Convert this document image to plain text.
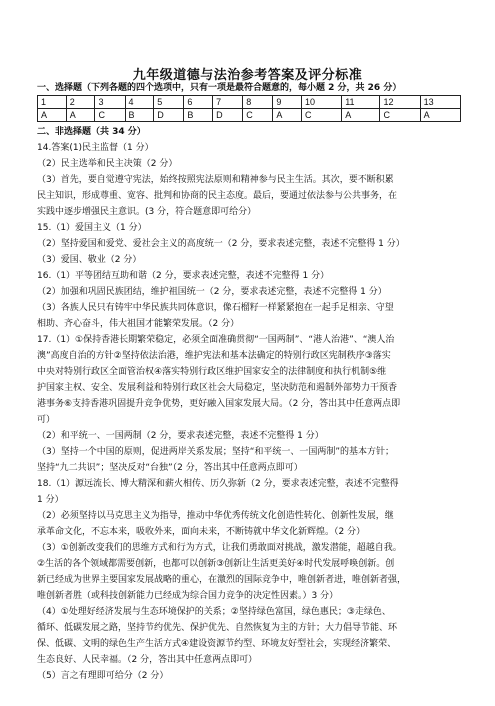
九年级道德与法治参考答案及评分标准
一、选择题（下列各题的四个选项中，只有一项是最符合题意的，每小题 2 分，共 26 分）
1	2	3	4	5	6	7	8	9	10	11	12	13
A	A	C	B	D	B	D	C	A	C	A	C	A
二、非选择题（共 34 分）
14.答案(1)民主监督（1 分）
（2）民主选举和民主决策（2 分）
（3）首先，要自觉遵守宪法，始终按照宪法原则和精神参与民主生活。其次，要不断积累
民主知识，形成尊重、宽容、批判和协商的民主态度。最后，要通过依法参与公共事务，在
实践中逐步增强民主意识。(3 分，符合题意即可给分）
15.（1）爱国主义（1 分）
（2）坚持爱国和爱党、爱社会主义的高度统一（2 分，要求表述完整，表述不完整得 1 分）
（3）爱国、敬业（2 分）
16.（1）平等团结互助和谐（2 分，要求表述完整，表述不完整得 1 分）
（2）加强和巩固民族团结，维护祖国统一（2 分，要求表述完整，表述不完整得 1 分）
（3）各族人民只有铸牢中华民族共同体意识，像石榴籽一样紧紧抱在一起手足相亲、守望
相助、齐心奋斗，伟大祖国才能繁荣发展。（2 分）
17.（1）①保持香港长期繁荣稳定，必须全面准确贯彻“一国两制”、“港人治港”、“澳人治
澳”高度自治的方针②坚持依法治港，维护宪法和基本法确定的特别行政区宪制秩序③落实
中央对特别行政区全面管治权④落实特别行政区维护国家安全的法律制度和执行机制⑤维
护国家主权、安全、发展利益和特别行政区社会大局稳定，坚决防范和遏制外部势力干预香
港事务⑥支持香港巩固提升竞争优势，更好融入国家发展大局。（2 分，答出其中任意两点即
可）
（2）和平统一、一国两制（2 分，要求表述完整，表述不完整得 1 分）
（3）坚持一个中国的原则，促进两岸关系发展；坚持“和平统一、一国两制”的基本方针；
坚持“九二共识”；坚决反对“台独”（2 分，答出其中任意两点即可）
18.（1）源远流长、博大精深和薪火相传、历久弥新（2 分，要求表述完整，表述不完整得
1 分）
（2）必须坚持以马克思主义为指导，推动中华优秀传统文化创造性转化、创新性发展，继
承革命文化，不忘本来，吸收外来，面向未来，不断铸就中华文化新辉煌。（2 分）
（3）①创新改变我们的思维方式和行为方式，让我们勇敢面对挑战，激发潜能，超越自我。
②生活的各个领域都需要创新，也都可以创新③创新让生活更美好④时代发展呼唤创新。创
新已经成为世界主要国家发展战略的重心，在激烈的国际竞争中，唯创新者进，唯创新者强，
唯创新者胜（或科技创新能力已经成为综合国力竞争的决定性因素。）3 分）
（4）①处理好经济发展与生态环境保护的关系；②坚持绿色富国，绿色惠民；③走绿色、
循环、低碳发展之路，坚持节约优先、保护优先、自然恢复为主的方针；大力倡导节能、环
保、低碳、文明的绿色生产生活方式④建设资源节约型、环境友好型社会，实现经济繁荣、
生态良好、人民幸福。（2 分，答出其中任意两点即可）
（5）言之有理即可给分（2 分）
